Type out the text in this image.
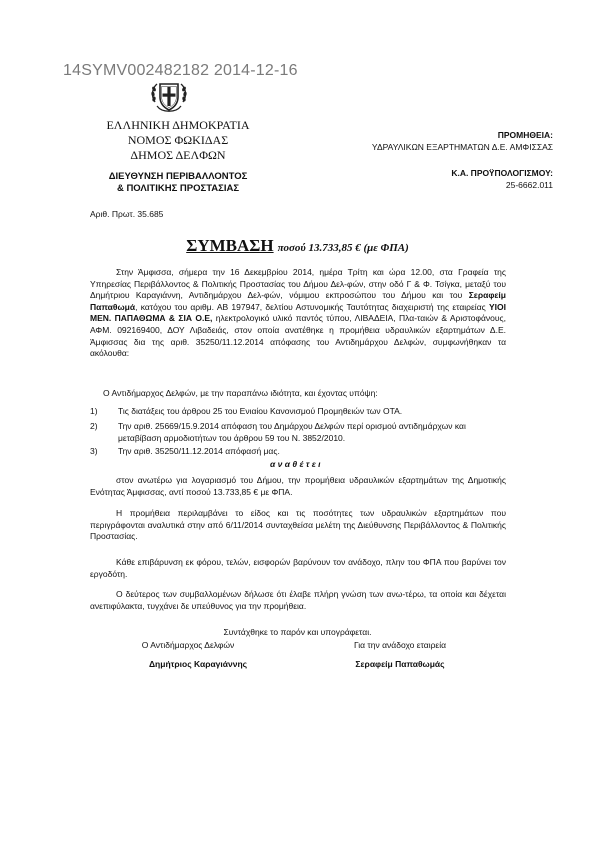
14SYMV002482182 2014-12-16
ΕΛΛΗΝΙΚΗ ΔΗΜΟΚΡΑΤΙΑ
ΝΟΜΟΣ ΦΩΚΙΔΑΣ
ΔΗΜΟΣ ΔΕΛΦΩΝ
ΔΙΕΥΘΥΝΣΗ ΠΕΡΙΒΑΛΛΟΝΤΟΣ
& ΠΟΛΙΤΙΚΗΣ ΠΡΟΣΤΑΣΙΑΣ
Αριθ. Πρωτ. 35.685
ΠΡΟΜΗΘΕΙΑ:
ΥΔΡΑΥΛΙΚΩΝ ΕΞΑΡΤΗΜΑΤΩΝ Δ.Ε. ΑΜΦΙΣΣΑΣ
Κ.Α. ΠΡΟΫΠΟΛΟΓΙΣΜΟΥ:
25-6662.011
ΣΥΜΒΑΣΗ ποσού 13.733,85 € (με ΦΠΑ)
Στην Άμφισσα, σήμερα την 16 Δεκεμβρίου 2014, ημέρα Τρίτη και ώρα 12.00, στα Γραφεία της Υπηρεσίας Περιβάλλοντος & Πολιτικής Προστασίας του Δήμου Δελ-φών, στην οδό Γ & Φ. Τσίγκα, μεταξύ του Δημήτριου Καραγιάννη, Αντιδημάρχου Δελ-φών, νόμιμου εκπροσώπου του Δήμου και του Σεραφείμ Παπαθωμά, κατόχου του αριθμ. ΑΒ 197947, δελτίου Αστυνομικής Ταυτότητας διαχειριστή της εταιρείας ΥΙΟΙ ΜΕΝ. ΠΑΠΑΘΩΜΑ & ΣΙΑ Ο.Ε, ηλεκτρολογικό υλικό παντός τύπου, ΛΙΒΑΔΕΙΑ, Πλα-ταιών & Αριστοφάνους, ΑΦΜ. 092169400, ΔΟΥ Λιβαδειάς, στον οποία ανατέθηκε η προμήθεια υδραυλικών εξαρτημάτων Δ.Ε. Άμφισσας δια της αριθ. 35250/11.12.2014 απόφασης του Αντιδημάρχου Δελφών, συμφωνήθηκαν τα ακόλουθα:
Ο Αντιδήμαρχος Δελφών, με την παραπάνω ιδιότητα, και έχοντας υπόψη:
1) Τις διατάξεις του άρθρου 25 του Ενιαίου Κανονισμού Προμηθειών των ΟΤΑ.
2) Την αριθ. 25669/15.9.2014 απόφαση του Δημάρχου Δελφών περί ορισμού αντιδημάρχων και μεταβίβαση αρμοδιοτήτων του άρθρου 59 του Ν. 3852/2010.
3) Την αριθ. 35250/11.12.2014 απόφασή μας.
α ν α θ έ τ ε ι
στον ανωτέρω για λογαριασμό του Δήμου, την προμήθεια υδραυλικών εξαρτημάτων της Δημοτικής Ενότητας Άμφισσας, αντί ποσού 13.733,85 € με ΦΠΑ.
Η προμήθεια περιλαμβάνει το είδος και τις ποσότητες των υδραυλικών εξαρτημάτων που περιγράφονται αναλυτικά στην από 6/11/2014 συνταχθείσα μελέτη της Διεύθυνσης Περιβάλλοντος & Πολιτικής Προστασίας.
Κάθε επιβάρυνση εκ φόρου, τελών, εισφορών βαρύνουν τον ανάδοχο, πλην του ΦΠΑ που βαρύνει τον εργοδότη.
Ο δεύτερος των συμβαλλομένων δήλωσε ότι έλαβε πλήρη γνώση των ανω-τέρω, τα οποία και δέχεται ανεπιφύλακτα, τυγχάνει δε υπεύθυνος για την προμήθεια.
Συντάχθηκε το παρόν και υπογράφεται.
Ο Αντιδήμαρχος Δελφών	Για την ανάδοχο εταιρεία
Δημήτριος Καραγιάννης	Σεραφείμ Παπαθωμάς
